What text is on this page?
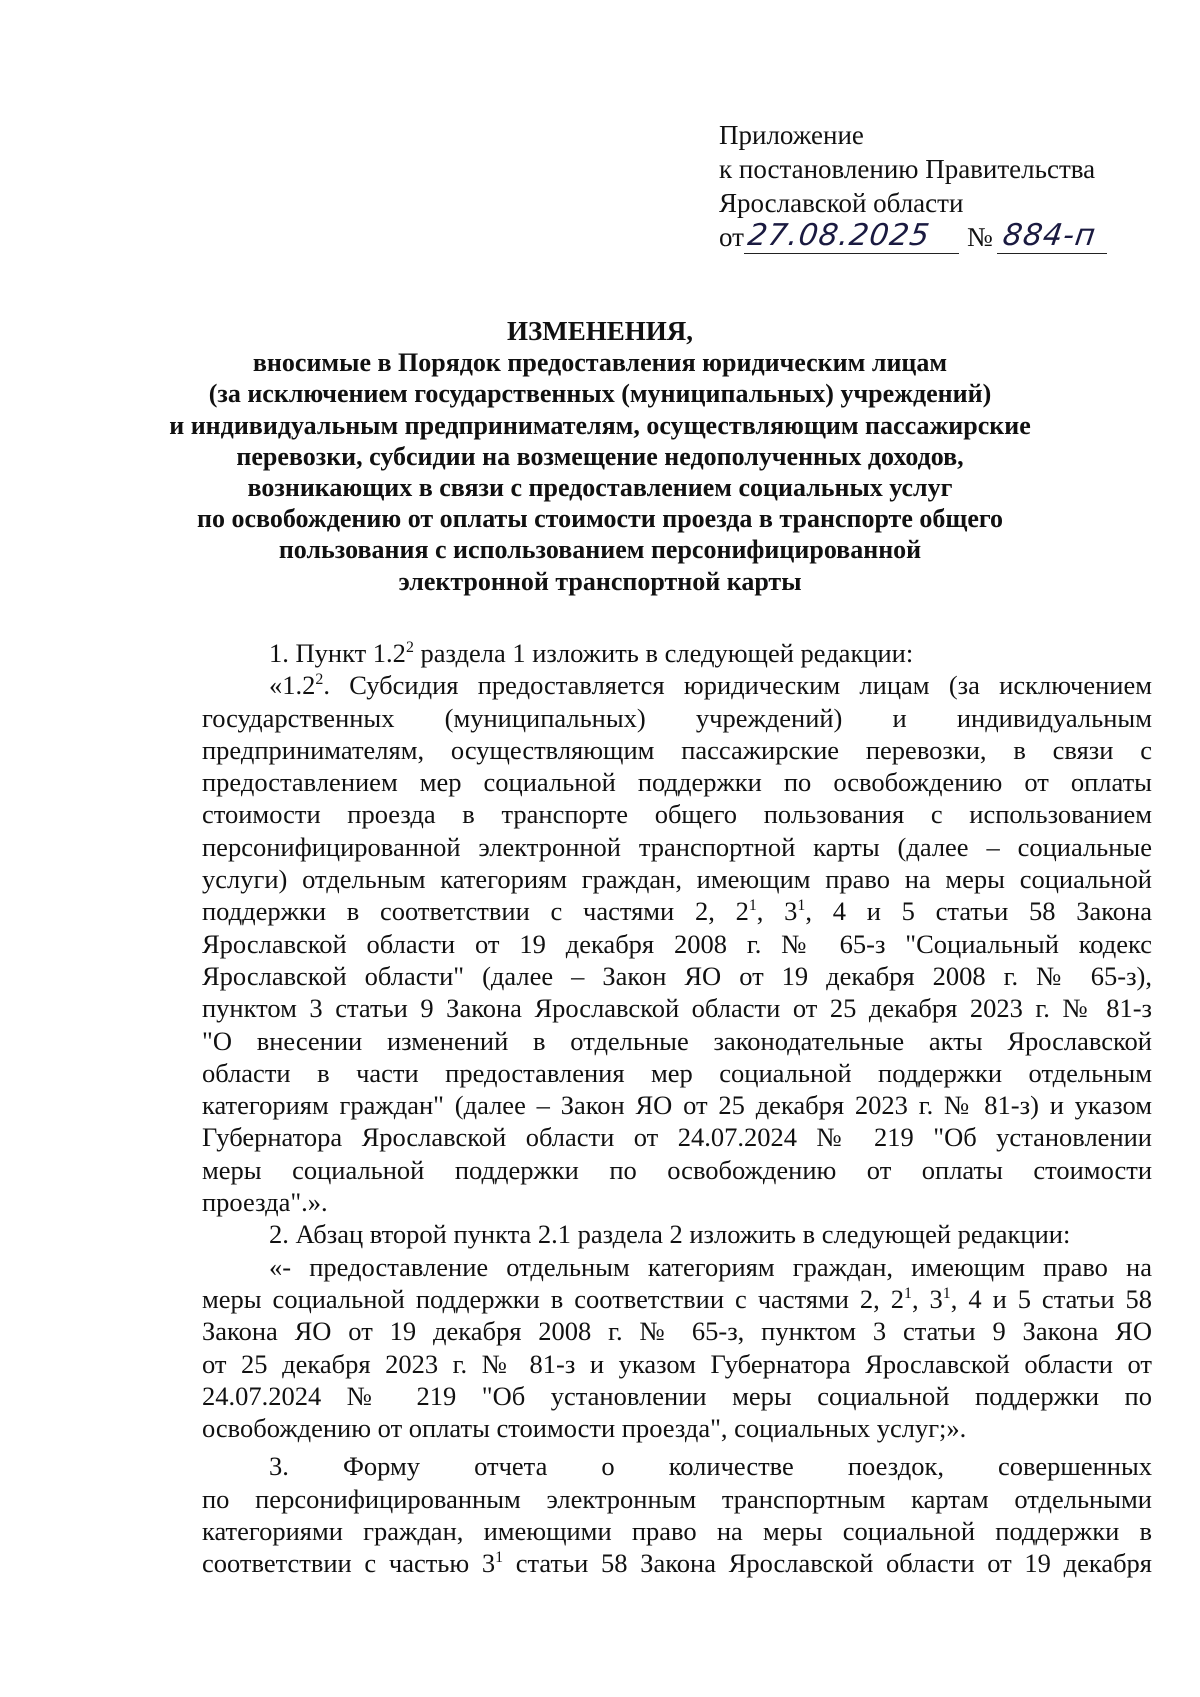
Приложение
к постановлению Правительства
Ярославской области
от 27.08.2025 № 884-п
ИЗМЕНЕНИЯ,
вносимые в Порядок предоставления юридическим лицам
(за исключением государственных (муниципальных) учреждений)
и индивидуальным предпринимателям, осуществляющим пассажирские
перевозки, субсидии на возмещение недополученных доходов,
возникающих в связи с предоставлением социальных услуг
по освобождению от оплаты стоимости проезда в транспорте общего
пользования с использованием персонифицированной
электронной транспортной карты
1. Пункт $1.2^2$ раздела 1 изложить в следующей редакции:
«$1.2^2$. Субсидия предоставляется юридическим лицам (за исключением
государственных (муниципальных) учреждений) и индивидуальным
предпринимателям, осуществляющим пассажирские перевозки, в связи с
предоставлением мер социальной поддержки по освобождению от оплаты
стоимости проезда в транспорте общего пользования с использованием
персонифицированной электронной транспортной карты (далее – социальные
услуги) отдельным категориям граждан, имеющим право на меры социальной
поддержки в соответствии с частями 2, $2^1$, $3^1$, 4 и 5 статьи 58 Закона
Ярославской области от 19 декабря 2008 г. № 65-з "Социальный кодекс
Ярославской области" (далее – Закон ЯО от 19 декабря 2008 г. № 65-з),
пунктом 3 статьи 9 Закона Ярославской области от 25 декабря 2023 г. № 81-з
"О внесении изменений в отдельные законодательные акты Ярославской
области в части предоставления мер социальной поддержки отдельным
категориям граждан" (далее – Закон ЯО от 25 декабря 2023 г. № 81-з) и указом
Губернатора Ярославской области от 24.07.2024 № 219 "Об установлении
меры социальной поддержки по освобождению от оплаты стоимости
проезда".».
2. Абзац второй пункта 2.1 раздела 2 изложить в следующей редакции:
«- предоставление отдельным категориям граждан, имеющим право на
меры социальной поддержки в соответствии с частями 2, $2^1$, $3^1$, 4 и 5 статьи 58
Закона ЯО от 19 декабря 2008 г. № 65-з, пунктом 3 статьи 9 Закона ЯО
от 25 декабря 2023 г. № 81-з и указом Губернатора Ярославской области от
24.07.2024 № 219 "Об установлении меры социальной поддержки по
освобождению от оплаты стоимости проезда", социальных услуг;».
3. Форму отчета о количестве поездок, совершенных
по персонифицированным электронным транспортным картам отдельными
категориями граждан, имеющими право на меры социальной поддержки в
соответствии с частью $3^1$ статьи 58 Закона Ярославской области от 19 декабря
